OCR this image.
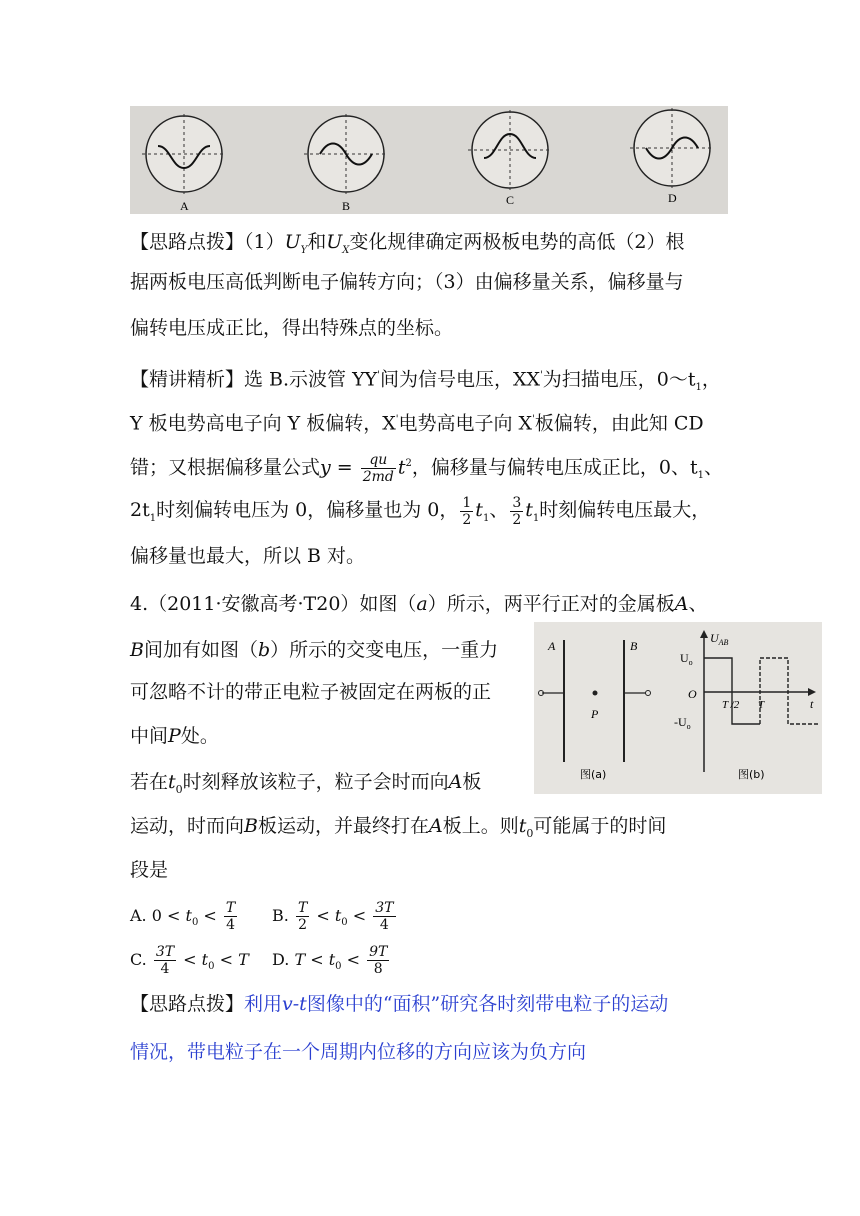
A	B	C	D
【思路点拨】$(1)U_Y$和$U_X$变化规律确定两极板电势的高低（2）根
据两板电压高低判断电子偏转方向；（3）由偏移量关系，偏移量与
偏转电压成正比，得出特殊点的坐标。
【精讲精析】选 B.示波管 YY'间为信号电压，XX'为扫描电压，$0\sim t_1$，
Y 板电势高电子向 Y 板偏转，X'电势高电子向 X'板偏转，由此知 CD
错；又根据偏移量公式$y = \frac{qu}{2md} t^2$，偏移量与偏转电压成正比，0、$t_1$、
$2t_1$时刻偏转电压为 0，偏移量也为 0， $\frac{1}{2} t_1$、 $\frac{3}{2} t_1$时刻偏转电压最大，
偏移量也最大，所以 B 对。
4.（2011·安徽高考·T20）如图（a）所示，两平行正对的金属板A、
B间加有如图（b）所示的交变电压，一重力
可忽略不计的带正电粒子被固定在两板的正
中间P处。
若在$t_0$时刻释放该粒子，粒子会时而向A板
运动，时而向B板运动，并最终打在A板上。则$t_0$可能属于的时间
段是
A. $0 < t_0 < \frac{T}{4} B$. $\frac{T}{2} < t_0 < \frac{3T}{4}$
C. $\frac{3T}{4} < t_0 < T$ D. $T < t_0 < \frac{9T}{8}$
【思路点拨】利用v-t图像中的“面积”研究各时刻带电粒子的运动
情况，带电粒子在一个周期内位移的方向应该为负方向
A	B
P
图(a)
$U_{AB}$
$U_o$
$-U_o$
O
T /2 T	t
图(b)
